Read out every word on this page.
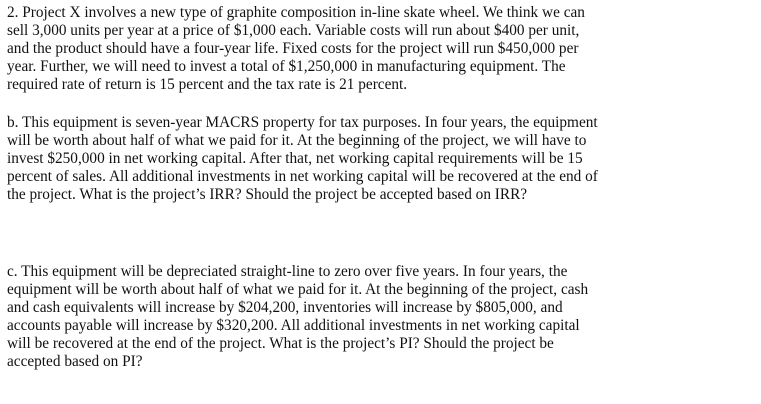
2. Project X involves a new type of graphite composition in-line skate wheel. We think we can
sell 3,000 units per year at a price of $1,000 each. Variable costs will run about $400 per unit,
and the product should have a four-year life. Fixed costs for the project will run $450,000 per
year. Further, we will need to invest a total of $1,250,000 in manufacturing equipment. The
required rate of return is 15 percent and the tax rate is 21 percent.
b. This equipment is seven-year MACRS property for tax purposes. In four years, the equipment
will be worth about half of what we paid for it. At the beginning of the project, we will have to
invest $250,000 in net working capital. After that, net working capital requirements will be 15
percent of sales. All additional investments in net working capital will be recovered at the end of
the project. What is the project’s IRR? Should the project be accepted based on IRR?
c. This equipment will be depreciated straight-line to zero over five years. In four years, the
equipment will be worth about half of what we paid for it. At the beginning of the project, cash
and cash equivalents will increase by $204,200, inventories will increase by $805,000, and
accounts payable will increase by $320,200. All additional investments in net working capital
will be recovered at the end of the project. What is the project’s PI? Should the project be
accepted based on PI?
